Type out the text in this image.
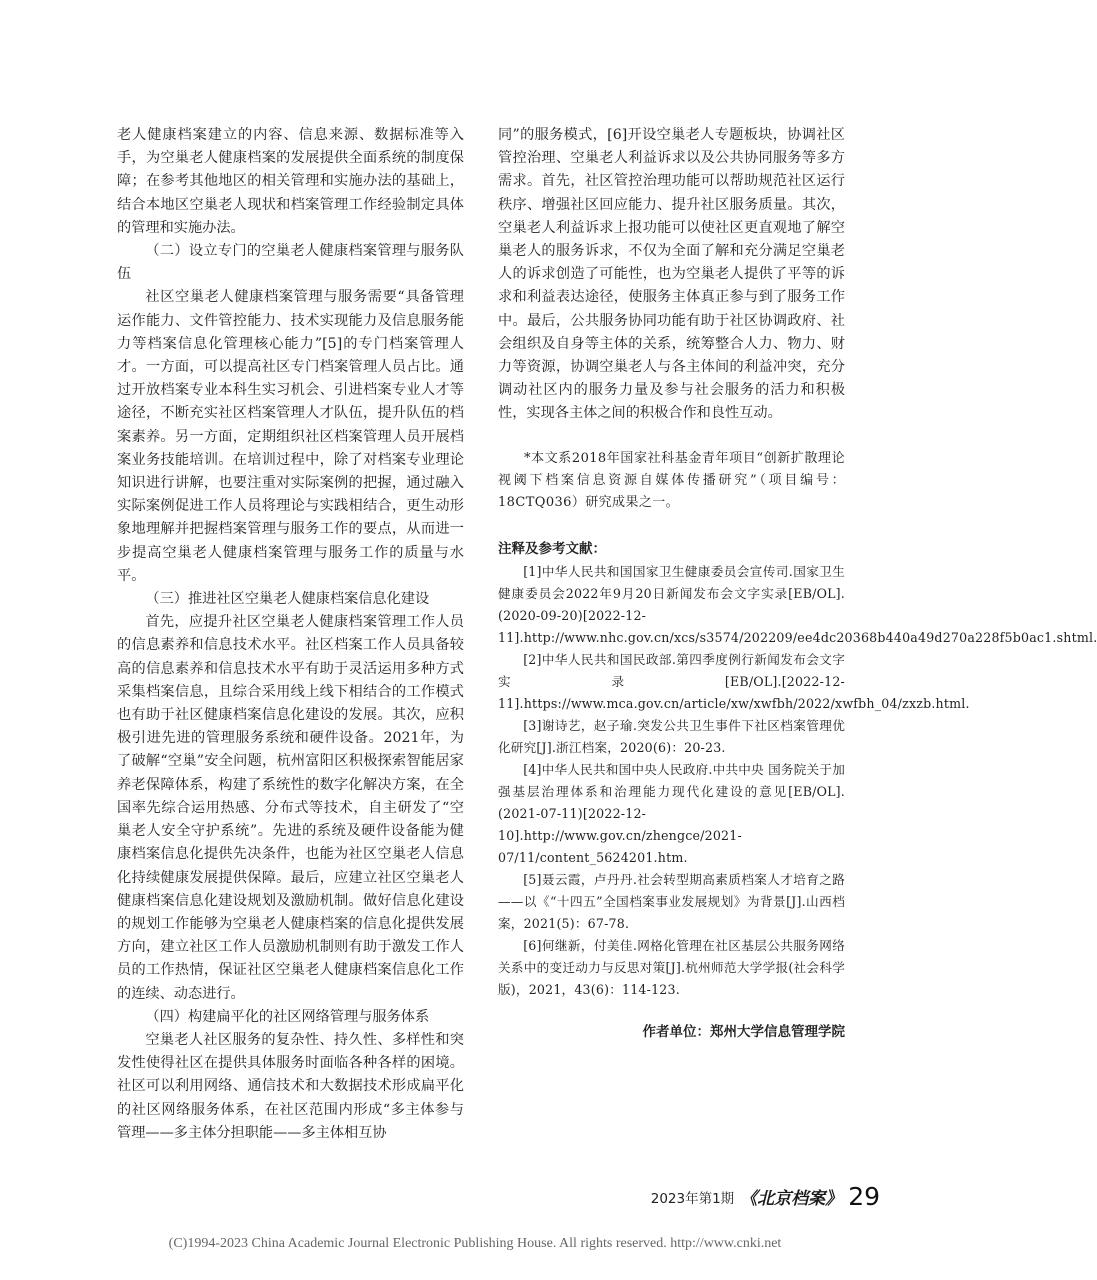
老人健康档案建立的内容、信息来源、数据标准等入手，为空巢老人健康档案的发展提供全面系统的制度保障；在参考其他地区的相关管理和实施办法的基础上，结合本地区空巢老人现状和档案管理工作经验制定具体的管理和实施办法。

（二）设立专门的空巢老人健康档案管理与服务队伍

社区空巢老人健康档案管理与服务需要“具备管理运作能力、文件管控能力、技术实现能力及信息服务能力等档案信息化管理核心能力”[5]的专门档案管理人才。一方面，可以提高社区专门档案管理人员占比。通过开放档案专业本科生实习机会、引进档案专业人才等途径，不断充实社区档案管理人才队伍，提升队伍的档案素养。另一方面，定期组织社区档案管理人员开展档案业务技能培训。在培训过程中，除了对档案专业理论知识进行讲解，也要注重对实际案例的把握，通过融入实际案例促进工作人员将理论与实践相结合，更生动形象地理解并把握档案管理与服务工作的要点，从而进一步提高空巢老人健康档案管理与服务工作的质量与水平。

（三）推进社区空巢老人健康档案信息化建设

首先，应提升社区空巢老人健康档案管理工作人员的信息素养和信息技术水平。社区档案工作人员具备较高的信息素养和信息技术水平有助于灵活运用多种方式采集档案信息，且综合采用线上线下相结合的工作模式也有助于社区健康档案信息化建设的发展。其次，应积极引进先进的管理服务系统和硬件设备。2021年，为了破解“空巢”安全问题，杭州富阳区积极探索智能居家养老保障体系，构建了系统性的数字化解决方案，在全国率先综合运用热感、分布式等技术，自主研发了“空巢老人安全守护系统”。先进的系统及硬件设备能为健康档案信息化提供先决条件，也能为社区空巢老人信息化持续健康发展提供保障。最后，应建立社区空巢老人健康档案信息化建设规划及激励机制。做好信息化建设的规划工作能够为空巢老人健康档案的信息化提供发展方向，建立社区工作人员激励机制则有助于激发工作人员的工作热情，保证社区空巢老人健康档案信息化工作的连续、动态进行。

（四）构建扁平化的社区网络管理与服务体系

空巢老人社区服务的复杂性、持久性、多样性和突发性使得社区在提供具体服务时面临各种各样的困境。社区可以利用网络、通信技术和大数据技术形成扁平化的社区网络服务体系，在社区范围内形成“多主体参与管理——多主体分担职能——多主体相互协

同”的服务模式，[6]开设空巢老人专题板块，协调社区管控治理、空巢老人利益诉求以及公共协同服务等多方需求。首先，社区管控治理功能可以帮助规范社区运行秩序、增强社区回应能力、提升社区服务质量。其次，空巢老人利益诉求上报功能可以使社区更直观地了解空巢老人的服务诉求，不仅为全面了解和充分满足空巢老人的诉求创造了可能性，也为空巢老人提供了平等的诉求和利益表达途径，使服务主体真正参与到了服务工作中。最后，公共服务协同功能有助于社区协调政府、社会组织及自身等主体的关系，统筹整合人力、物力、财力等资源，协调空巢老人与各主体间的利益冲突，充分调动社区内的服务力量及参与社会服务的活力和积极性，实现各主体之间的积极合作和良性互动。

*本文系2018年国家社科基金青年项目“创新扩散理论视阈下档案信息资源自媒体传播研究”（项目编号：18CTQ036）研究成果之一。

注释及参考文献：

[1]中华人民共和国国家卫生健康委员会宣传司.国家卫生健康委员会2022年9月20日新闻发布会文字实录[EB/OL].(2020-09-20)[2022-12-11].http://www.nhc.gov.cn/xcs/s3574/202209/ee4dc20368b440a49d270a228f5b0ac1.shtml.

[2]中华人民共和国民政部.第四季度例行新闻发布会文字实录[EB/OL].[2022-12-11].https://www.mca.gov.cn/article/xw/xwfbh/2022/xwfbh_04/zxzb.html.

[3]谢诗艺，赵子瑜.突发公共卫生事件下社区档案管理优化研究[J].浙江档案，2020(6)：20-23.

[4]中华人民共和国中央人民政府.中共中央 国务院关于加强基层治理体系和治理能力现代化建设的意见[EB/OL].(2021-07-11)[2022-12-10].http://www.gov.cn/zhengce/2021-07/11/content_5624201.htm.

[5]聂云霞，卢丹丹.社会转型期高素质档案人才培育之路——以《“十四五”全国档案事业发展规划》为背景[J].山西档案，2021(5)：67-78.

[6]何继新，付美佳.网格化管理在社区基层公共服务网络关系中的变迁动力与反思对策[J].杭州师范大学学报(社会科学版)，2021，43(6)：114-123.

作者单位：郑州大学信息管理学院

2023年第1期 《北京档案》 29
(C)1994-2023 China Academic Journal Electronic Publishing House. All rights reserved. http://www.cnki.net
